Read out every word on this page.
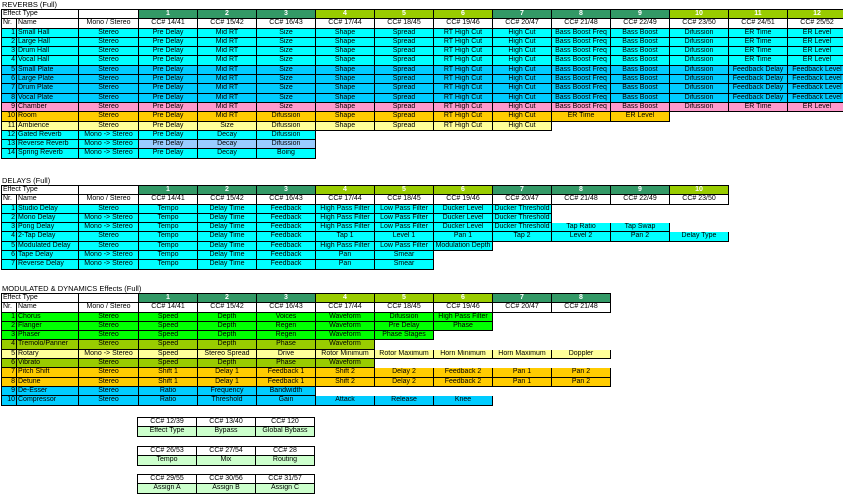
REVERBS (Full)
Effect Type	1	2	3	4	5	6	7	8	9	10	11	12
Nr. Name	Mono / Stereo	CC# 14/41	CC# 15/42	CC# 16/43	CC# 17/44	CC# 18/45	CC# 19/46	CC# 20/47	CC# 21/48	CC# 22/49	CC# 23/50	CC# 24/51	CC# 25/52
1 Small Hall	Stereo	Pre Delay	Mid RT	Size	Shape	Spread	RT High Cut	High Cut	Bass Boost Freq	Bass Boost	Difussion	ER Time	ER Level
2 Large Hall	Stereo	Pre Delay	Mid RT	Size	Shape	Spread	RT High Cut	High Cut	Bass Boost Freq	Bass Boost	Difussion	ER Time	ER Level
3 Drum Hall	Stereo	Pre Delay	Mid RT	Size	Shape	Spread	RT High Cut	High Cut	Bass Boost Freq	Bass Boost	Difussion	ER Time	ER Level
4 Vocal Hall	Stereo	Pre Delay	Mid RT	Size	Shape	Spread	RT High Cut	High Cut	Bass Boost Freq	Bass Boost	Difussion	ER Time	ER Level
5 Small Plate	Stereo	Pre Delay	Mid RT	Size	Shape	Spread	RT High Cut	High Cut	Bass Boost Freq	Bass Boost	Difussion	Feedback Delay	Feedback Level
6 Large Plate	Stereo	Pre Delay	Mid RT	Size	Shape	Spread	RT High Cut	High Cut	Bass Boost Freq	Bass Boost	Difussion	Feedback Delay	Feedback Level
7 Drum Plate	Stereo	Pre Delay	Mid RT	Size	Shape	Spread	RT High Cut	High Cut	Bass Boost Freq	Bass Boost	Difussion	Feedback Delay	Feedback Level
8 Vocal Plate	Stereo	Pre Delay	Mid RT	Size	Shape	Spread	RT High Cut	High Cut	Bass Boost Freq	Bass Boost	Difussion	Feedback Delay	Feedback Level
9 Chamber	Stereo	Pre Delay	Mid RT	Size	Shape	Spread	RT High Cut	High Cut	Bass Boost Freq	Bass Boost	Difussion	ER Time	ER Level
10 Room	Stereo	Pre Delay	Mid RT	Difussion	Shape	Spread	RT High Cut	High Cut	ER Time	ER Level
11 Ambience	Stereo	Pre Delay	Size	Difussion	Shape	Spread	RT High Cut	High Cut
12 Gated Reverb	Mono -> Stereo	Pre Delay	Decay	Difussion
13 Reverse Reverb	Mono -> Stereo	Pre Delay	Decay	Difussion
14 Spring Reverb	Mono -> Stereo	Pre Delay	Decay	Boing
DELAYS (Full)
Effect Type	1	2	3	4	5	6	7	8	9	10
Nr. Name	Mono / Stereo	CC# 14/41	CC# 15/42	CC# 16/43	CC# 17/44	CC# 18/45	CC# 19/46	CC# 20/47	CC# 21/48	CC# 22/49	CC# 23/50
1 Studio Delay	Stereo	Tempo	Delay Time	Feedback	High Pass Filter	Low Pass Filter	Ducker Level	Ducker Threshold
2 Mono Delay	Mono -> Stereo	Tempo	Delay Time	Feedback	High Pass Filter	Low Pass Filter	Ducker Level	Ducker Threshold
3 Pong Delay	Mono -> Stereo	Tempo	Delay Time	Feedback	High Pass Filter	Low Pass Filter	Ducker Level	Ducker Threshold	Tap Ratio	Tap Swap
4 2-Tap Delay	Stereo	Tempo	Delay Time	Feedback	Tap 1	Level 1	Pan 1	Tap 2	Level 2	Pan 2	Delay Type
5 Modulated Delay	Stereo	Tempo	Delay Time	Feedback	High Pass Filter	Low Pass Filter	Modulation Depth
6 Tape Delay	Mono -> Stereo	Tempo	Delay Time	Feedback	Pan	Smear
7 Reverse Delay	Mono -> Stereo	Tempo	Delay Time	Feedback	Pan	Smear
MODULATED & DYNAMICS Effects (Full)
Effect Type	1	2	3	4	5	6	7	8
Nr. Name	Mono / Stereo	CC# 14/41	CC# 15/42	CC# 16/43	CC# 17/44	CC# 18/45	CC# 19/46	CC# 20/47	CC# 21/48
1 Chorus	Stereo	Speed	Depth	Voices	Waveform	Difussion	High Pass Filter
2 Flanger	Stereo	Speed	Depth	Regen	Waveform	Pre Delay	Phase
3 Phaser	Stereo	Speed	Depth	Regen	Waveform	Phase Stages
4 Tremolo/Panner	Stereo	Speed	Depth	Phase	Waveform
5 Rotary	Mono -> Stereo	Speed	Stereo Spread	Drive	Rotor Minimum	Rotor Maximum	Horn Minimum	Horn Maximum	Doppler
6 Vibrato	Stereo	Speed	Depth	Phase	Waveform
7 Pitch Shift	Stereo	Shift 1	Delay 1	Feedback 1	Shift 2	Delay 2	Feedback 2	Pan 1	Pan 2
8 Detune	Stereo	Shift 1	Delay 1	Feedback 1	Shift 2	Delay 2	Feedback 2	Pan 1	Pan 2
9 De-Esser	Stereo	Ratio	Frequency	Bandwidth
10 Compressor	Stereo	Ratio	Threshold	Gain	Attack	Release	Knee
CC# 12/39	CC# 13/40	CC# 120
Effect Type	Bypass	Global Bybass
CC# 26/53	CC# 27/54	CC# 28
Tempo	Mix	Routing
CC# 29/55	CC# 30/56	CC# 31/57
Assign A	Assign B	Assign C
